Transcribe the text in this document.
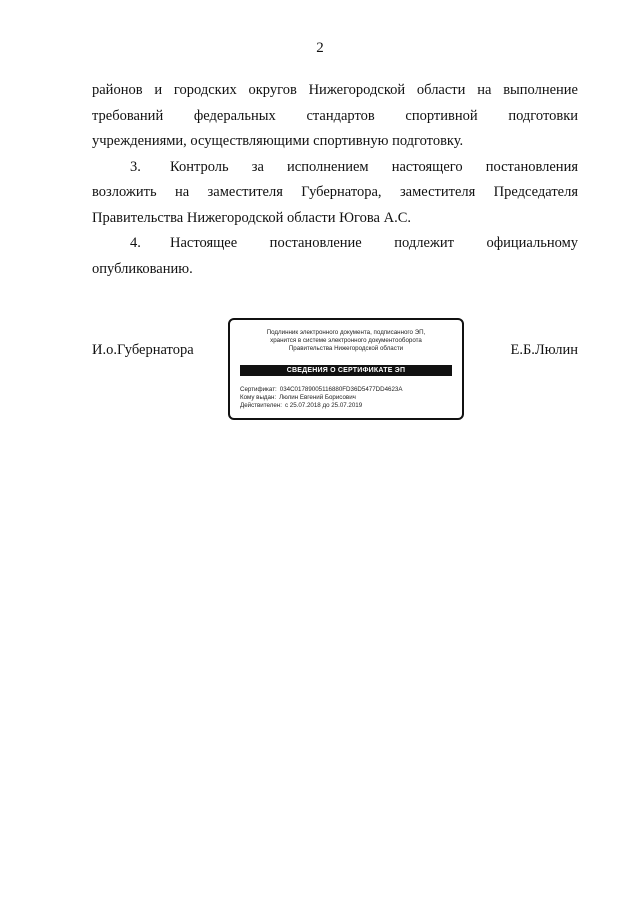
2

районов и городских округов Нижегородской области на выполнение
требований федеральных стандартов спортивной подготовки
учреждениями, осуществляющими спортивную подготовку.

3. Контроль за исполнением настоящего постановления
возложить на заместителя Губернатора, заместителя Председателя
Правительства Нижегородской области Югова А.С.

4. Настоящее постановление подлежит официальному
опубликованию.

И.о.Губернатора
Подлинник электронного документа, подписанного ЭП,
хранится в системе электронного документооборота
Правительства Нижегородской области
СВЕДЕНИЯ О СЕРТИФИКАТЕ ЭП
Сертификат: 034C01789005116880FD36D5477DD4623A
Кому выдан: Люлин Евгений Борисович
Действителен: с 25.07.2018 до 25.07.2019
Е.Б.Люлин
